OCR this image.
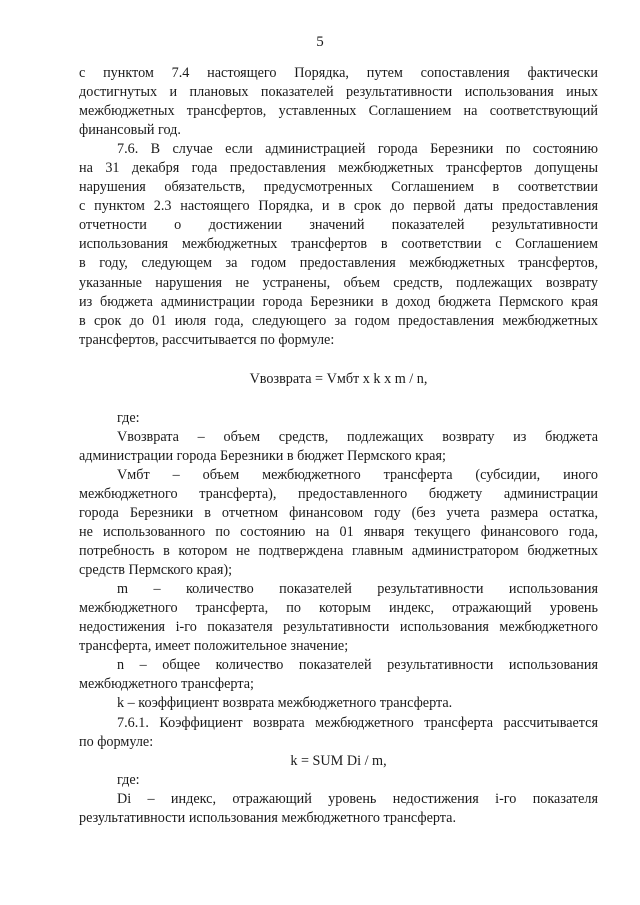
5

с пунктом 7.4 настоящего Порядка, путем сопоставления фактически

достигнутых и плановых показателей результативности использования иных

межбюджетных трансфертов, уставленных Соглашением на соответствующий

финансовый год.

7.6. В случае если администрацией города Березники по состоянию

на 31 декабря года предоставления межбюджетных трансфертов допущены

нарушения обязательств, предусмотренных Соглашением в соответствии

с пунктом 2.3 настоящего Порядка, и в срок до первой даты предоставления

отчетности о достижении значений показателей результативности

использования межбюджетных трансфертов в соответствии с Соглашением

в году, следующем за годом предоставления межбюджетных трансфертов,

указанные нарушения не устранены, объем средств, подлежащих возврату

из бюджета администрации города Березники в доход бюджета Пермского края

в срок до 01 июля года, следующего за годом предоставления межбюджетных

трансфертов, рассчитывается по формуле:

Vвозврата = Vмбт x k x m / n,

где:

Vвозврата – объем средств, подлежащих возврату из бюджета

администрации города Березники в бюджет Пермского края;

Vмбт – объем межбюджетного трансферта (субсидии, иного

межбюджетного трансферта), предоставленного бюджету администрации

города Березники в отчетном финансовом году (без учета размера остатка,

не использованного по состоянию на 01 января текущего финансового года,

потребность в котором не подтверждена главным администратором бюджетных

средств Пермского края);

m – количество показателей результативности использования

межбюджетного трансферта, по которым индекс, отражающий уровень

недостижения i-го показателя результативности использования межбюджетного

трансферта, имеет положительное значение;

n – общее количество показателей результативности использования

межбюджетного трансферта;

k – коэффициент возврата межбюджетного трансферта.

7.6.1. Коэффициент возврата межбюджетного трансферта рассчитывается

по формуле:

k = SUM Di / m,

где:

Di – индекс, отражающий уровень недостижения i-го показателя

результативности использования межбюджетного трансферта.
